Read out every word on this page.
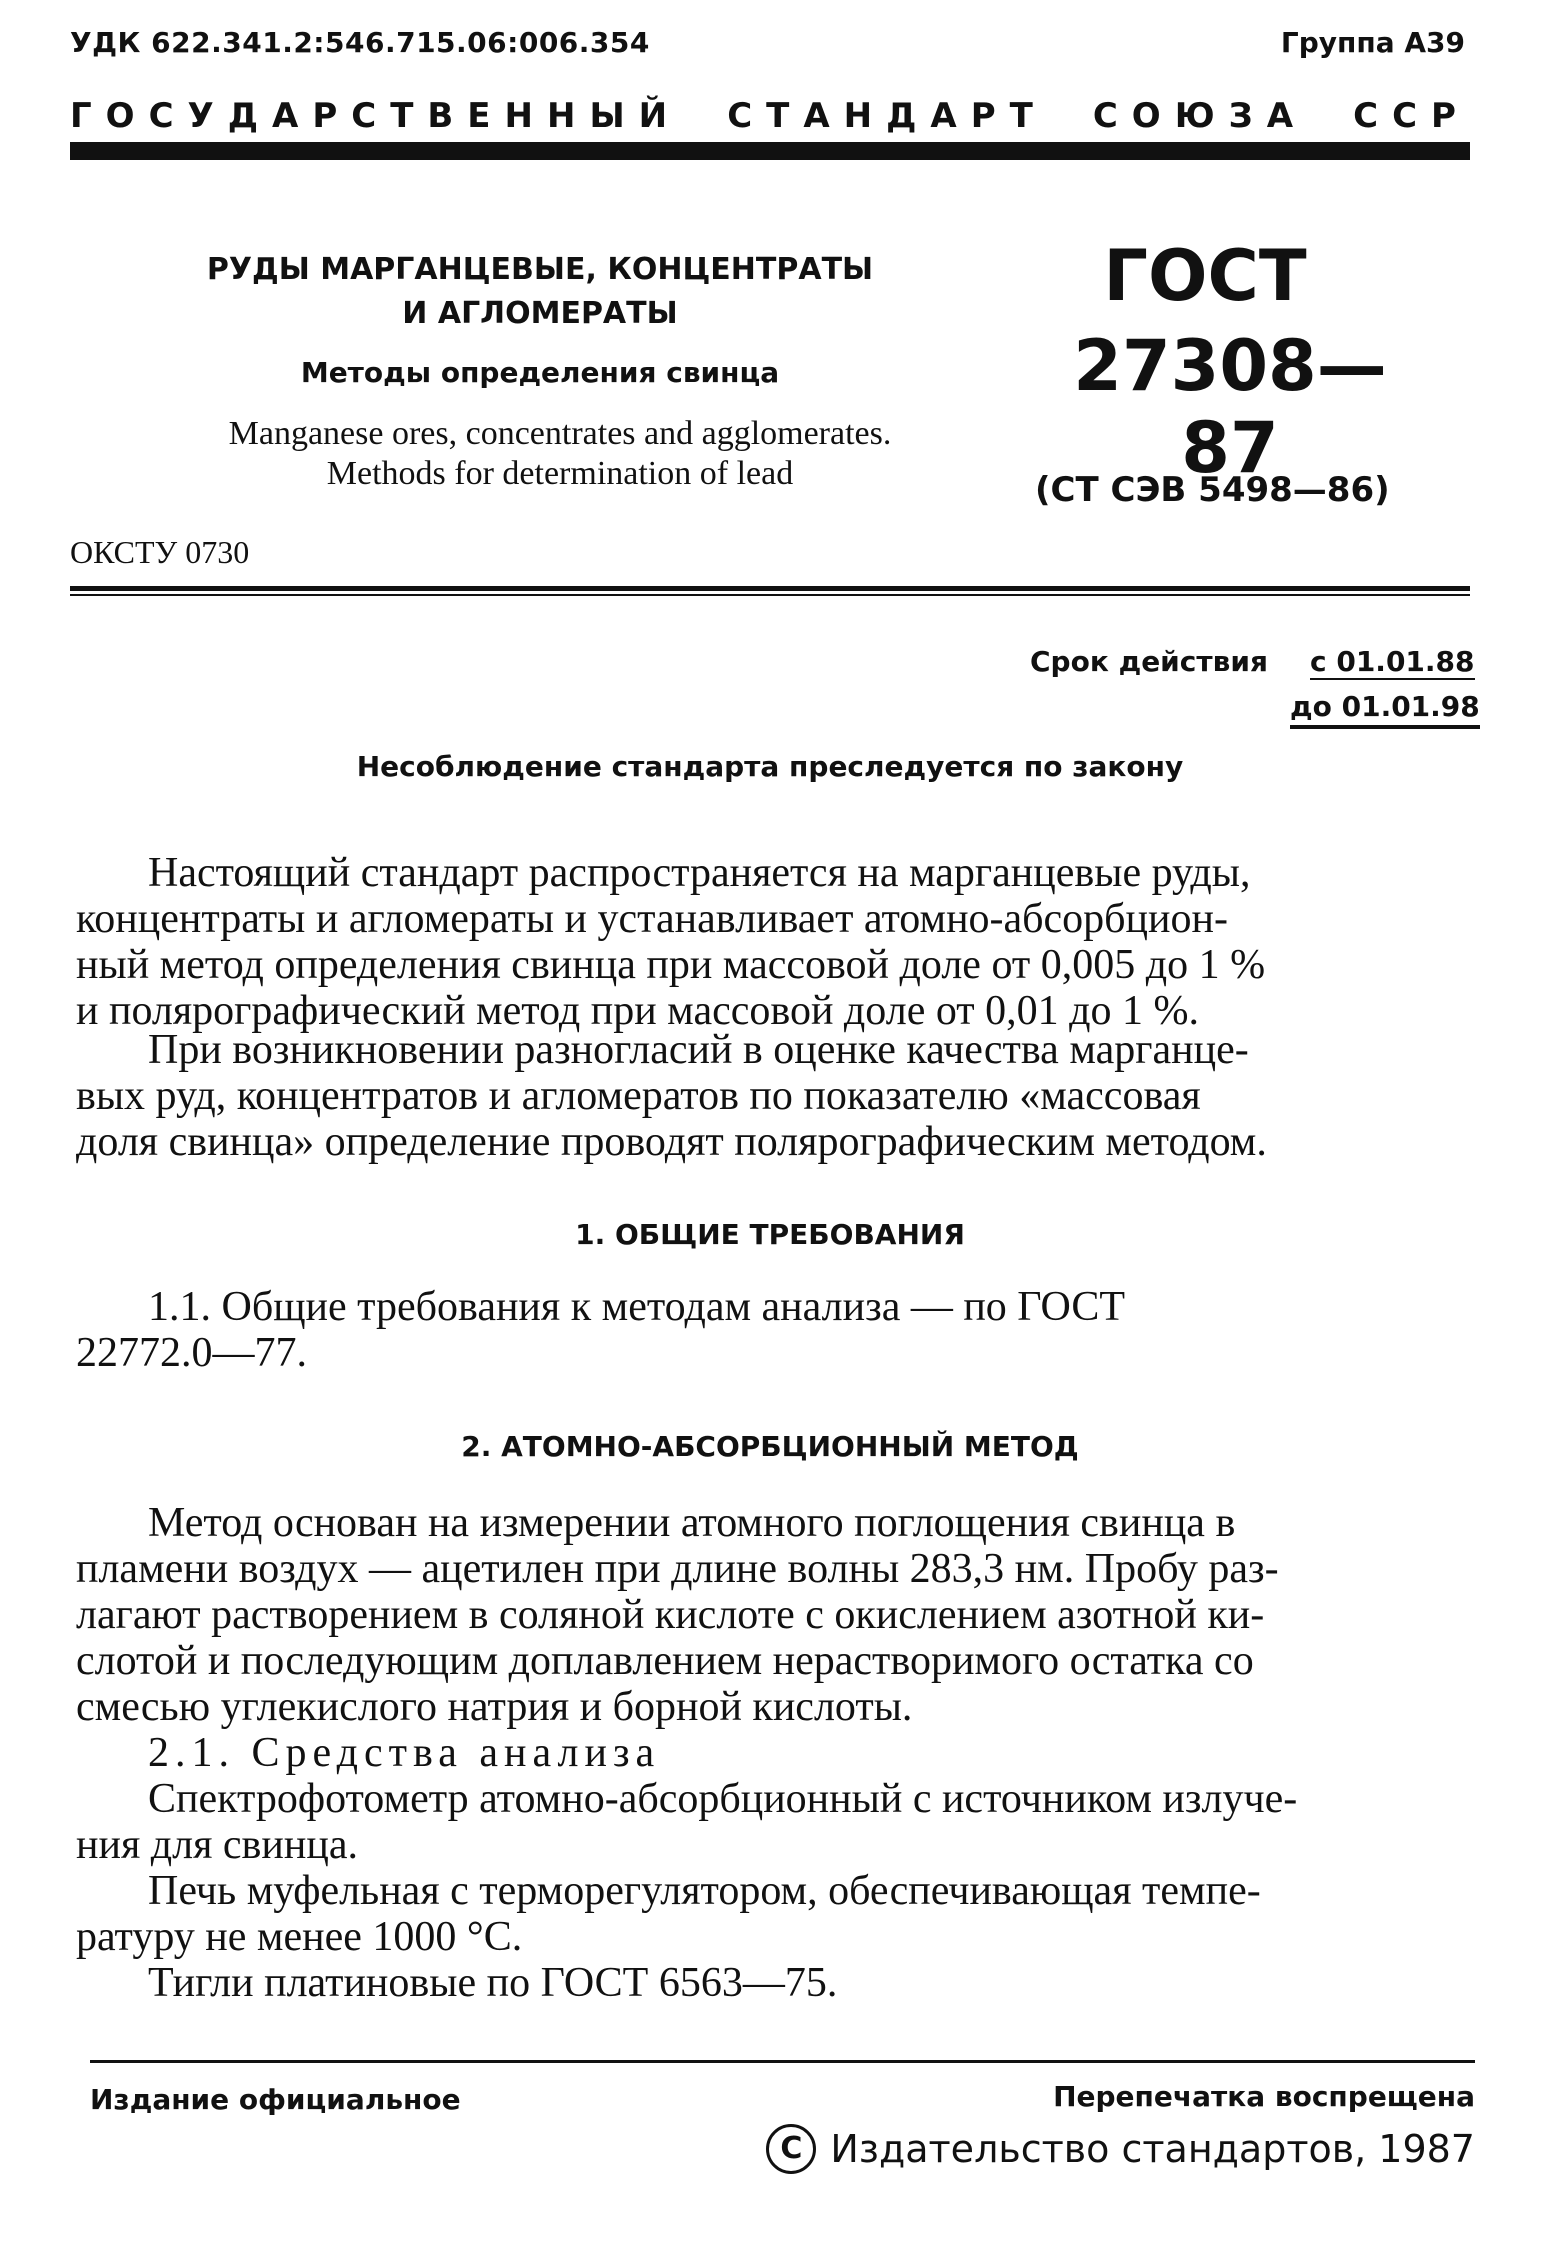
УДК 622.341.2:546.715.06:006.354	Группа А39
ГОСУДАРСТВЕННЫЙ СТАНДАРТ СОЮЗА ССР
РУДЫ МАРГАНЦЕВЫЕ, КОНЦЕНТРАТЫ
И АГЛОМЕРАТЫ
Методы определения свинца
Manganese ores, concentrates and agglomerates.
Methods for determination of lead
ГОСТ
27308—87
(СТ СЭВ 5498—86)
ОКСТУ 0730
Срок действия с 01.01.88
до 01.01.98
Несоблюдение стандарта преследуется по закону
Настоящий стандарт распространяется на марганцевые руды,
концентраты и агломераты и устанавливает атомно-абсорбцион-
ный метод определения свинца при массовой доле от 0,005 до 1 %
и полярографический метод при массовой доле от 0,01 до 1 %.
При возникновении разногласий в оценке качества марганце-
вых руд, концентратов и агломератов по показателю «массовая
доля свинца» определение проводят полярографическим методом.
1. ОБЩИЕ ТРЕБОВАНИЯ
1.1. Общие требования к методам анализа — по ГОСТ
22772.0—77.
2. АТОМНО-АБСОРБЦИОННЫЙ МЕТОД
Метод основан на измерении атомного поглощения свинца в
пламени воздух — ацетилен при длине волны 283,3 нм. Пробу раз-
лагают растворением в соляной кислоте с окислением азотной ки-
слотой и последующим доплавлением нерастворимого остатка со
смесью углекислого натрия и борной кислоты.
2.1. Средства анализа
Спектрофотометр атомно-абсорбционный с источником излуче-
ния для свинца.
Печь муфельная с терморегулятором, обеспечивающая темпе-
ратуру не менее 1000 °С.
Тигли платиновые по ГОСТ 6563—75.
Издание официальное	Перепечатка воспрещена
C Издательство стандартов, 1987
